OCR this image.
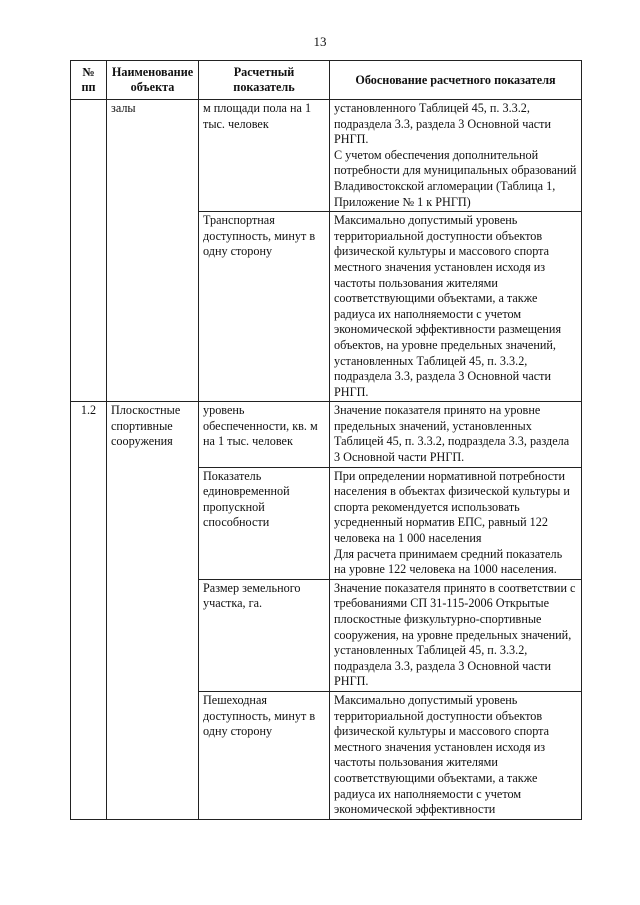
13
№ пп	Наименование объекта	Расчетный показатель	Обоснование расчетного показателя
	залы	м площади пола на 1 тыс. человек	установленного Таблицей 45, п. 3.3.2, подраздела 3.3, раздела 3 Основной части РНГП.
С учетом обеспечения дополнительной потребности для муниципальных образований Владивостокской агломерации (Таблица 1, Приложение № 1 к РНГП)

		Транспортная доступность, минут в одну сторону	Максимально допустимый уровень территориальной доступности объектов физической культуры и массового спорта местного значения установлен исходя из частоты пользования жителями соответствующими объектами, а также радиуса их наполняемости с учетом экономической эффективности размещения объектов, на уровне предельных значений, установленных Таблицей 45, п. 3.3.2, подраздела 3.3, раздела 3 Основной части РНГП.

1.2	Плоскостные спортивные сооружения	уровень обеспеченности, кв. м на 1 тыс. человек	Значение показателя принято на уровне предельных значений, установленных Таблицей 45, п. 3.3.2, подраздела 3.3, раздела 3 Основной части РНГП.

		Показатель единовременной пропускной способности	При определении нормативной потребности населения в объектах физической культуры и спорта рекомендуется использовать усредненный норматив ЕПС, равный 122 человека на 1 000 населения
Для расчета принимаем средний показатель на уровне 122 человека на 1000 населения.

		Размер земельного участка, га.	Значение показателя принято в соответствии с требованиями СП 31-115-2006 Открытые плоскостные физкультурно-спортивные сооружения, на уровне предельных значений, установленных Таблицей 45, п. 3.3.2, подраздела 3.3, раздела 3 Основной части РНГП.

		Пешеходная доступность, минут в одну сторону	Максимально допустимый уровень территориальной доступности объектов физической культуры и массового спорта местного значения установлен исходя из частоты пользования жителями соответствующими объектами, а также радиуса их наполняемости с учетом экономической эффективности
